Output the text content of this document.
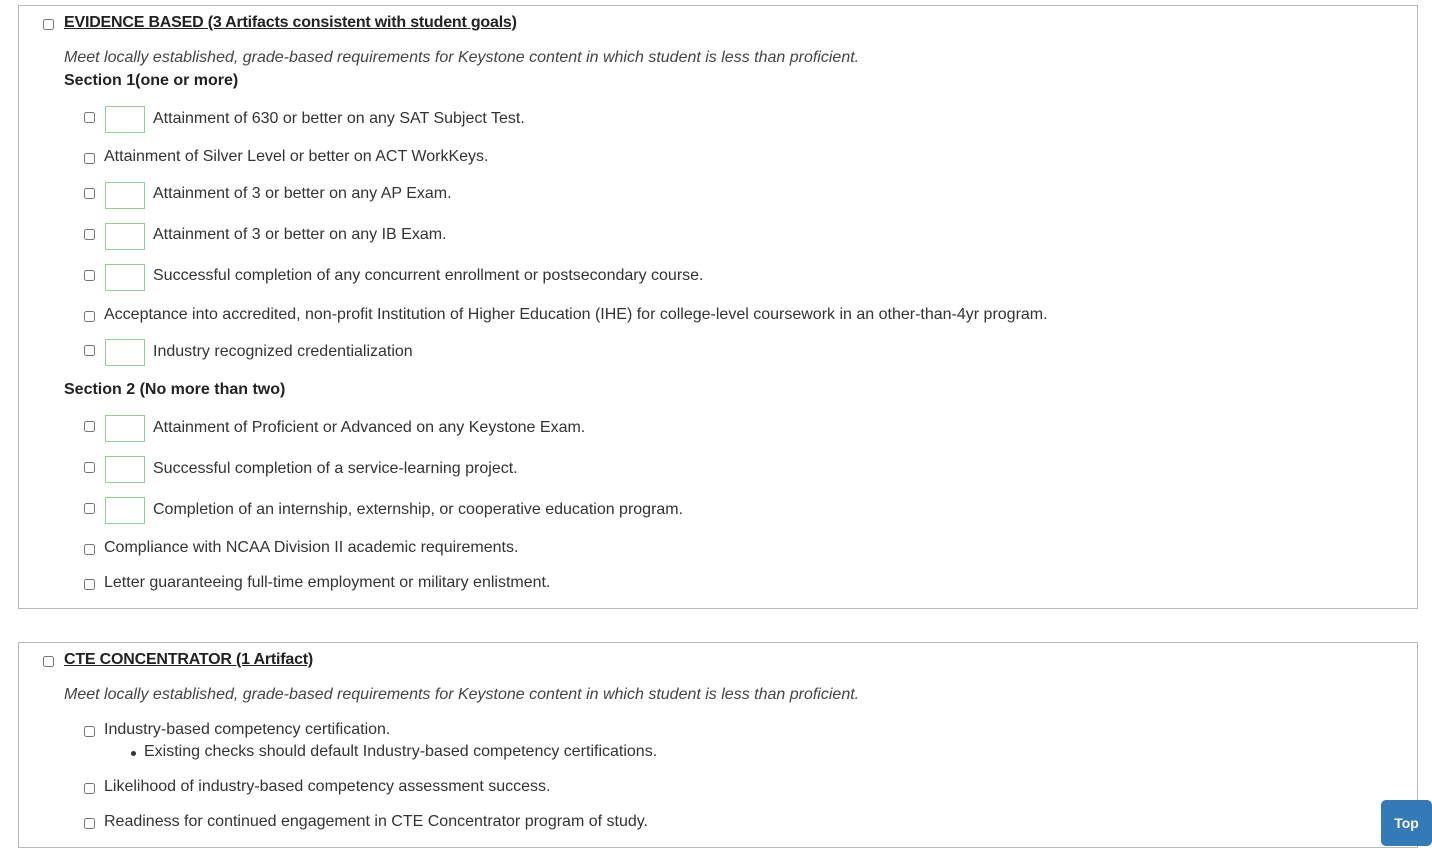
EVIDENCE BASED (3 Artifacts consistent with student goals)
Meet locally established, grade-based requirements for Keystone content in which student is less than proficient.
Section 1(one or more)
Attainment of 630 or better on any SAT Subject Test.
Attainment of Silver Level or better on ACT WorkKeys.
Attainment of 3 or better on any AP Exam.
Attainment of 3 or better on any IB Exam.
Successful completion of any concurrent enrollment or postsecondary course.
Acceptance into accredited, non-profit Institution of Higher Education (IHE) for college-level coursework in an other-than-4yr program.
Industry recognized credentialization
Section 2 (No more than two)
Attainment of Proficient or Advanced on any Keystone Exam.
Successful completion of a service-learning project.
Completion of an internship, externship, or cooperative education program.
Compliance with NCAA Division II academic requirements.
Letter guaranteeing full-time employment or military enlistment.
CTE CONCENTRATOR (1 Artifact)
Meet locally established, grade-based requirements for Keystone content in which student is less than proficient.
Industry-based competency certification.
Existing checks should default Industry-based competency certifications.
Likelihood of industry-based competency assessment success.
Readiness for continued engagement in CTE Concentrator program of study.	Top
